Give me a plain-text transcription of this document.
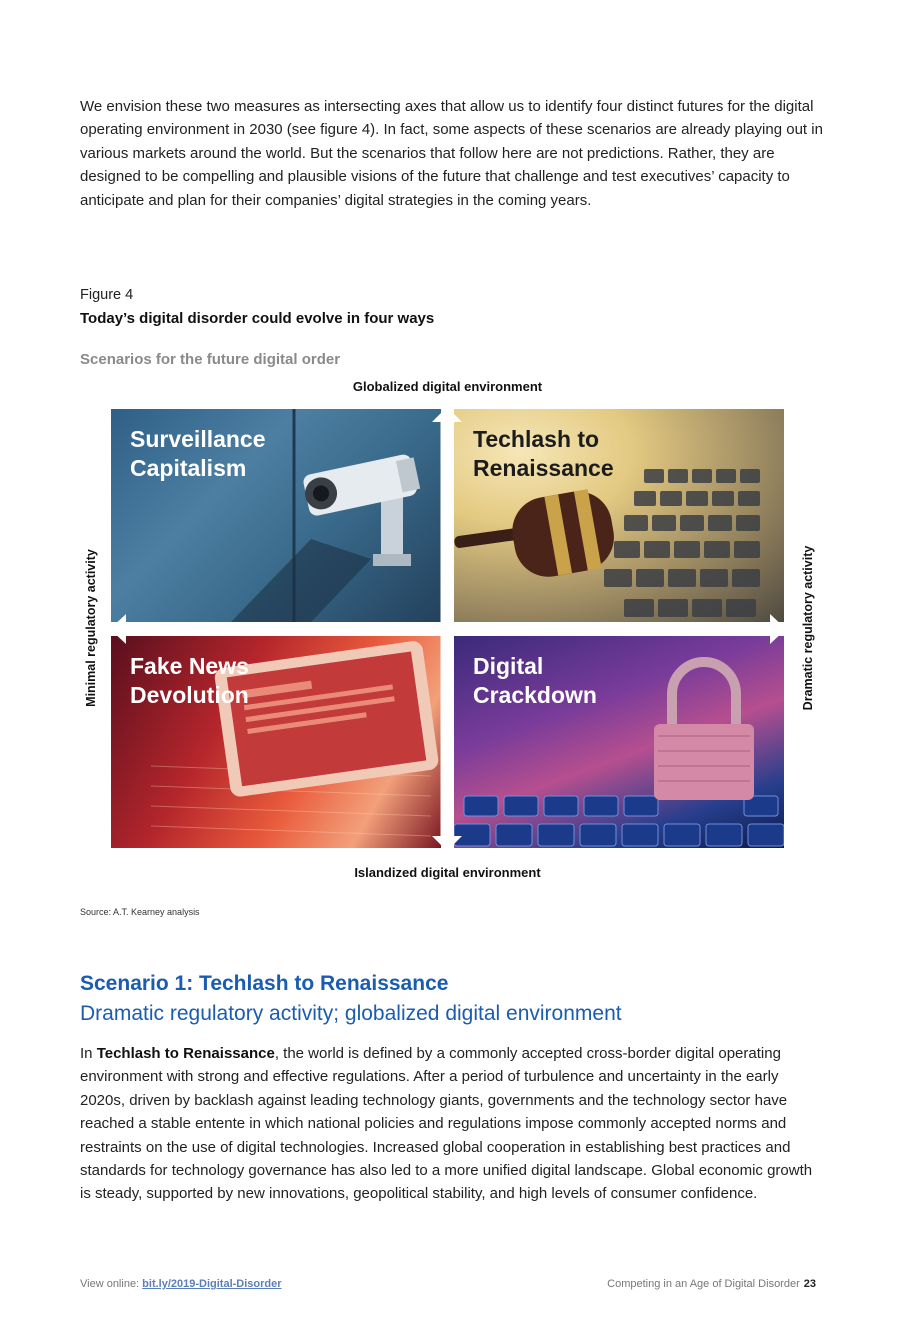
We envision these two measures as intersecting axes that allow us to identify four distinct futures for the digital operating environment in 2030 (see figure 4). In fact, some aspects of these scenarios are already playing out in various markets around the world. But the scenarios that follow here are not predictions. Rather, they are designed to be compelling and plausible visions of the future that challenge and test executives’ capacity to anticipate and plan for their companies’ digital strategies in the coming years.
Figure 4
Today’s digital disorder could evolve in four ways
Scenarios for the future digital order
Globalized digital environment
Islandized digital environment
Minimal regulatory activity	Dramatic regulatory activity
Surveillance
Capitalism
Techlash to
Renaissance
Fake News
Devolution
Digital
Crackdown
Source: A.T. Kearney analysis
Scenario 1: Techlash to Renaissance
Dramatic regulatory activity; globalized digital environment
In Techlash to Renaissance, the world is defined by a commonly accepted cross-border digital operating environment with strong and effective regulations. After a period of turbulence and uncertainty in the early 2020s, driven by backlash against leading technology giants, governments and the technology sector have reached a stable entente in which national policies and regulations impose commonly accepted norms and restraints on the use of digital technologies. Increased global cooperation in establishing best practices and standards for technology governance has also led to a more unified digital landscape. Global economic growth is steady, supported by new innovations, geopolitical stability, and high levels of consumer confidence.
View online: bit.ly/2019-Digital-Disorder	Competing in an Age of Digital Disorder 23
